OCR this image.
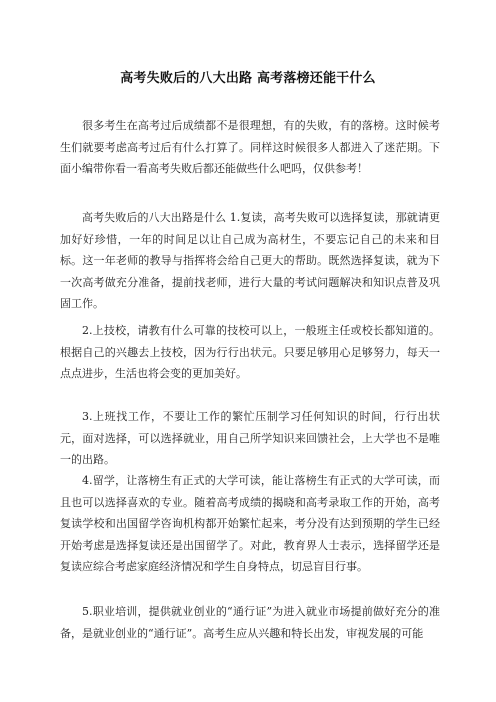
高考失败后的八大出路 高考落榜还能干什么

很多考生在高考过后成绩都不是很理想，有的失败，有的落榜。这时候考生们就要考虑高考过后有什么打算了。同样这时候很多人都进入了迷茫期。下面小编带你看一看高考失败后都还能做些什么吧吗，仅供参考！

高考失败后的八大出路是什么 1.复读，高考失败可以选择复读，那就请更加好好珍惜，一年的时间足以让自己成为高材生，不要忘记自己的未来和目标。这一年老师的教导与指挥将会给自己更大的帮助。既然选择复读，就为下一次高考做充分准备，提前找老师，进行大量的考试问题解决和知识点普及巩固工作。

2.上技校，请教有什么可靠的技校可以上，一般班主任或校长都知道的。根据自己的兴趣去上技校，因为行行出状元。只要足够用心足够努力，每天一点点进步，生活也将会变的更加美好。

3.上班找工作，不要让工作的繁忙压制学习任何知识的时间，行行出状元，面对选择，可以选择就业，用自己所学知识来回馈社会，上大学也不是唯一的出路。

4.留学，让落榜生有正式的大学可读，能让落榜生有正式的大学可读，而且也可以选择喜欢的专业。随着高考成绩的揭晓和高考录取工作的开始，高考复读学校和出国留学咨询机构都开始繁忙起来，考分没有达到预期的学生已经开始考虑是选择复读还是出国留学了。对此，教育界人士表示，选择留学还是复读应综合考虑家庭经济情况和学生自身特点，切忌盲目行事。

5.职业培训，提供就业创业的“通行证”为进入就业市场提前做好充分的准备，是就业创业的“通行证”。高考生应从兴趣和特长出发，审视发展的可能
